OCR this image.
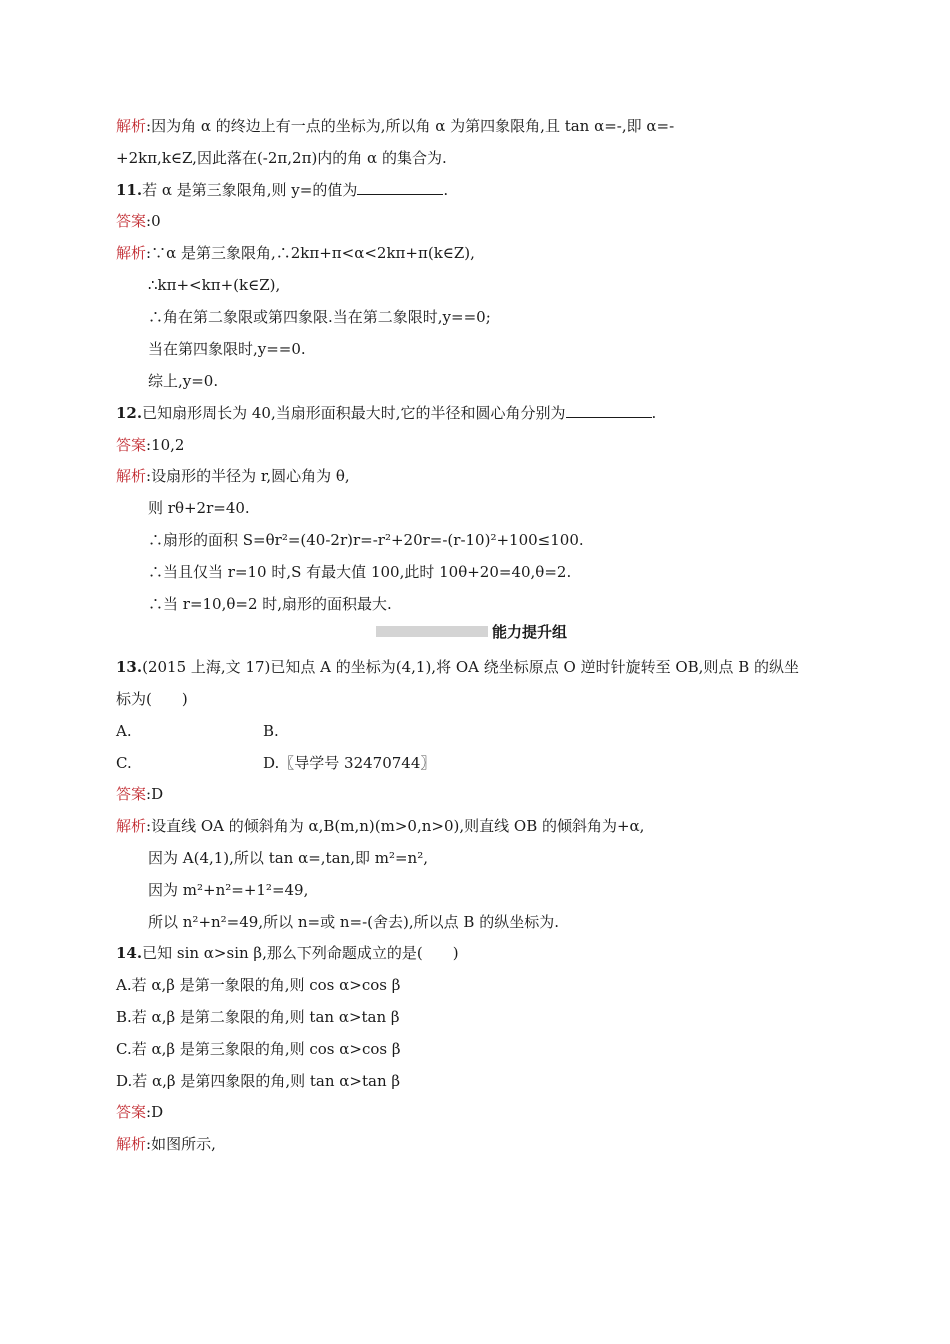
解析:因为角 α 的终边上有一点的坐标为,所以角 α 为第四象限角,且 tan α=-,即 α=-
+2kπ,k∈Z,因此落在(-2π,2π)内的角 α 的集合为.
11.若 α 是第三象限角,则 y=的值为	.
答案:0
解析:∵α 是第三象限角,∴2kπ+π<α<2kπ+π(k∈Z),
∴kπ+<kπ+(k∈Z),
∴角在第二象限或第四象限.当在第二象限时,y==0;
当在第四象限时,y==0.
综上,y=0.
12.已知扇形周长为 40,当扇形面积最大时,它的半径和圆心角分别为	.
答案:10,2
解析:设扇形的半径为 r,圆心角为 θ,
则 rθ+2r=40.
∴扇形的面积 S=θr²=(40-2r)r=-r²+20r=-(r-10)²+100≤100.
∴当且仅当 r=10 时,S 有最大值 100,此时 10θ+20=40,θ=2.
∴当 r=10,θ=2 时,扇形的面积最大.
能力提升组
13.(2015 上海,文 17)已知点 A 的坐标为(4,1),将 OA 绕坐标原点 O 逆时针旋转至 OB,则点 B 的纵坐
标为(　　)
A.	B.
C.	D.〖导学号 32470744〗
答案:D
解析:设直线 OA 的倾斜角为 α,B(m,n)(m>0,n>0),则直线 OB 的倾斜角为+α,
因为 A(4,1),所以 tan α=,tan,即 m²=n²,
因为 m²+n²=+1²=49,
所以 n²+n²=49,所以 n=或 n=-(舍去),所以点 B 的纵坐标为.
14.已知 sin α>sin β,那么下列命题成立的是(　　)
A.若 α,β 是第一象限的角,则 cos α>cos β
B.若 α,β 是第二象限的角,则 tan α>tan β
C.若 α,β 是第三象限的角,则 cos α>cos β
D.若 α,β 是第四象限的角,则 tan α>tan β
答案:D
解析:如图所示,
